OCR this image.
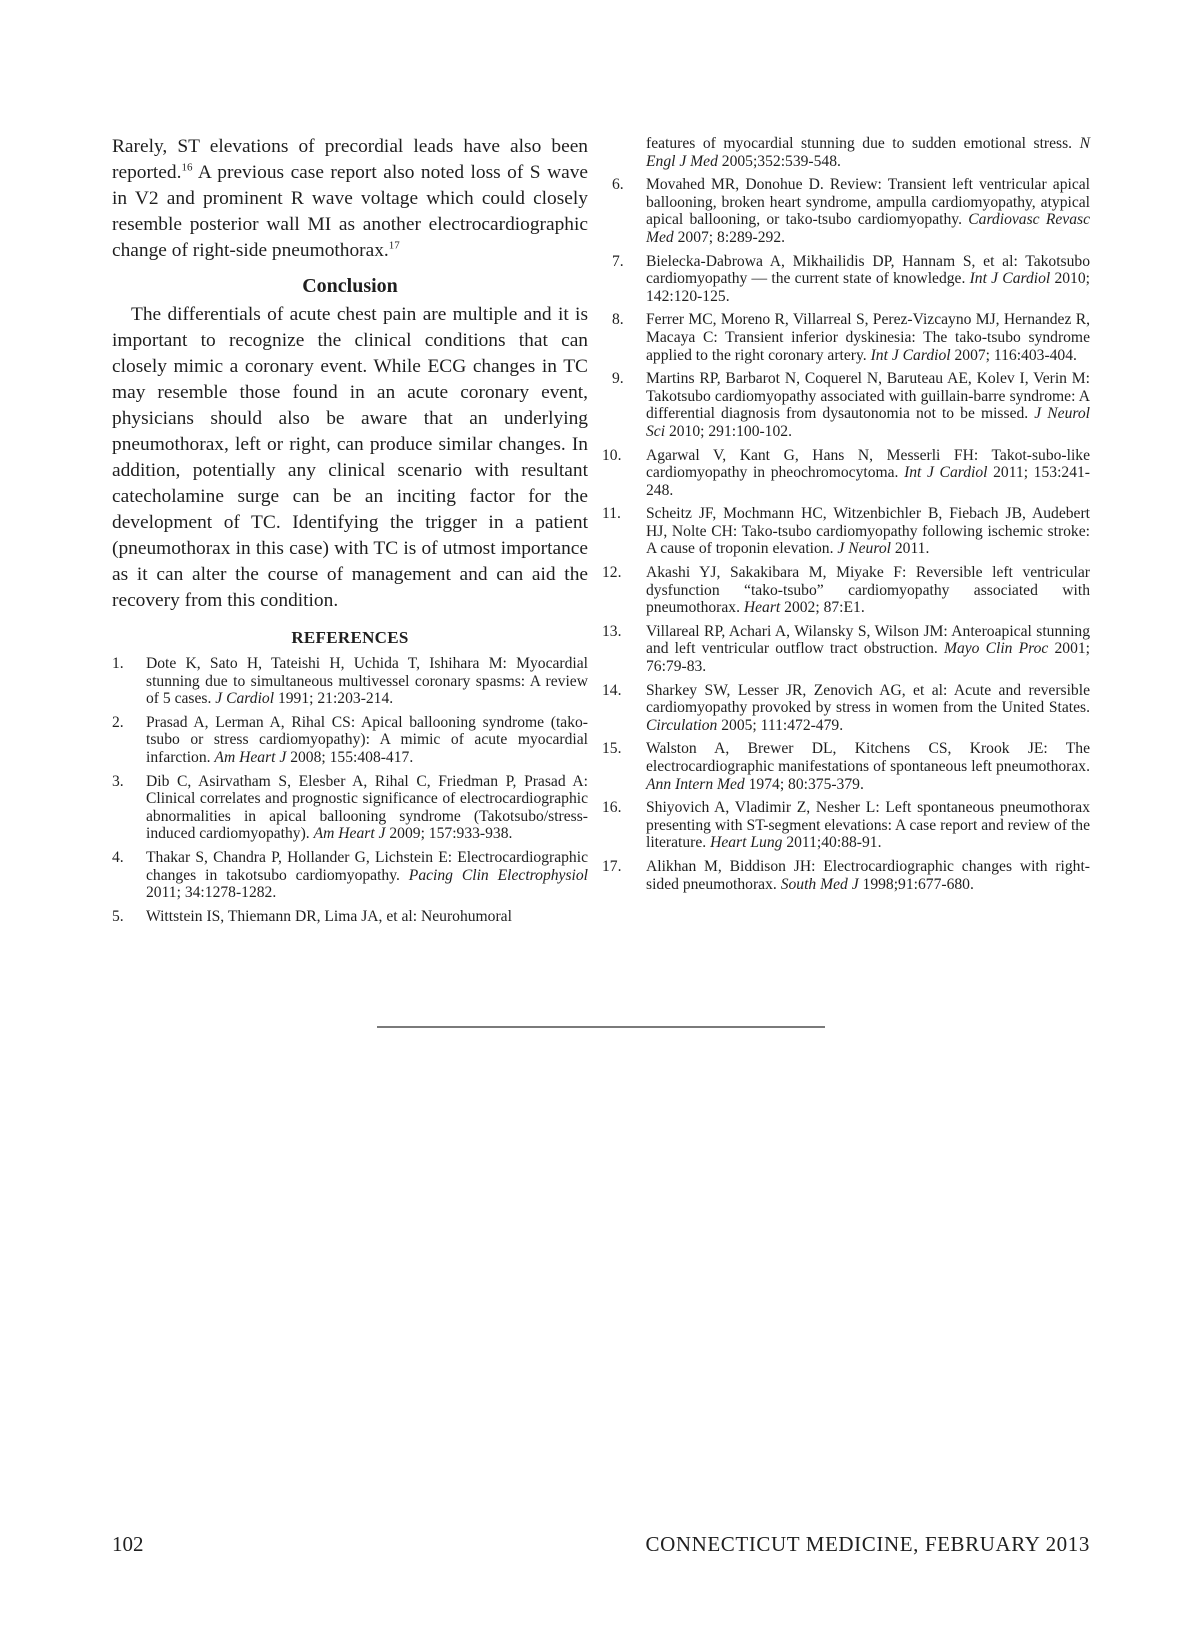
Rarely, ST elevations of precordial leads have also been reported.$^{16}$ A previous case report also noted loss of S wave in V2 and prominent R wave voltage which could closely resemble posterior wall MI as another electrocardiographic change of right-side pneumothorax.$^{17}$

Conclusion

The differentials of acute chest pain are multiple and it is important to recognize the clinical conditions that can closely mimic a coronary event. While ECG changes in TC may resemble those found in an acute coronary event, physicians should also be aware that an underlying pneumothorax, left or right, can produce similar changes. In addition, potentially any clinical scenario with resultant catecholamine surge can be an inciting factor for the development of TC. Identifying the trigger in a patient (pneumothorax in this case) with TC is of utmost importance as it can alter the course of management and can aid the recovery from this condition.

REFERENCES
1. Dote K, Sato H, Tateishi H, Uchida T, Ishihara M: Myocardial stunning due to simultaneous multivessel coronary spasms: A review of 5 cases. J Cardiol 1991; 21:203-214.
2. Prasad A, Lerman A, Rihal CS: Apical ballooning syndrome (tako-tsubo or stress cardiomyopathy): A mimic of acute myocardial infarction. Am Heart J 2008; 155:408-417.
3. Dib C, Asirvatham S, Elesber A, Rihal C, Friedman P, Prasad A: Clinical correlates and prognostic significance of electrocardiographic abnormalities in apical ballooning syndrome (Takotsubo/stress-induced cardiomyopathy). Am Heart J 2009; 157:933-938.
4. Thakar S, Chandra P, Hollander G, Lichstein E: Electrocardiographic changes in takotsubo cardiomyopathy. Pacing Clin Electrophysiol 2011; 34:1278-1282.
5. Wittstein IS, Thiemann DR, Lima JA, et al: Neurohumoral
features of myocardial stunning due to sudden emotional stress. N Engl J Med 2005;352:539-548.
6. Movahed MR, Donohue D. Review: Transient left ventricular apical ballooning, broken heart syndrome, ampulla cardiomyopathy, atypical apical ballooning, or tako-tsubo cardiomyopathy. Cardiovasc Revasc Med 2007; 8:289-292.
7. Bielecka-Dabrowa A, Mikhailidis DP, Hannam S, et al: Takotsubo cardiomyopathy — the current state of knowledge. Int J Cardiol 2010; 142:120-125.
8. Ferrer MC, Moreno R, Villarreal S, Perez-Vizcayno MJ, Hernandez R, Macaya C: Transient inferior dyskinesia: The tako-tsubo syndrome applied to the right coronary artery. Int J Cardiol 2007; 116:403-404.
9. Martins RP, Barbarot N, Coquerel N, Baruteau AE, Kolev I, Verin M: Takotsubo cardiomyopathy associated with guillain-barre syndrome: A differential diagnosis from dysautonomia not to be missed. J Neurol Sci 2010; 291:100-102.
10. Agarwal V, Kant G, Hans N, Messerli FH: Takot-subo-like cardiomyopathy in pheochromocytoma. Int J Cardiol 2011; 153:241-248.
11. Scheitz JF, Mochmann HC, Witzenbichler B, Fiebach JB, Audebert HJ, Nolte CH: Tako-tsubo cardiomyopathy following ischemic stroke: A cause of troponin elevation. J Neurol 2011.
12. Akashi YJ, Sakakibara M, Miyake F: Reversible left ventricular dysfunction “tako-tsubo” cardiomyopathy associated with pneumothorax. Heart 2002; 87:E1.
13. Villareal RP, Achari A, Wilansky S, Wilson JM: Anteroapical stunning and left ventricular outflow tract obstruction. Mayo Clin Proc 2001; 76:79-83.
14. Sharkey SW, Lesser JR, Zenovich AG, et al: Acute and reversible cardiomyopathy provoked by stress in women from the United States. Circulation 2005; 111:472-479.
15. Walston A, Brewer DL, Kitchens CS, Krook JE: The electrocardiographic manifestations of spontaneous left pneumothorax. Ann Intern Med 1974; 80:375-379.
16. Shiyovich A, Vladimir Z, Nesher L: Left spontaneous pneumothorax presenting with ST-segment elevations: A case report and review of the literature. Heart Lung 2011;40:88-91.
17. Alikhan M, Biddison JH: Electrocardiographic changes with right-sided pneumothorax. South Med J 1998;91:677-680.
102	CONNECTICUT MEDICINE, FEBRUARY 2013
